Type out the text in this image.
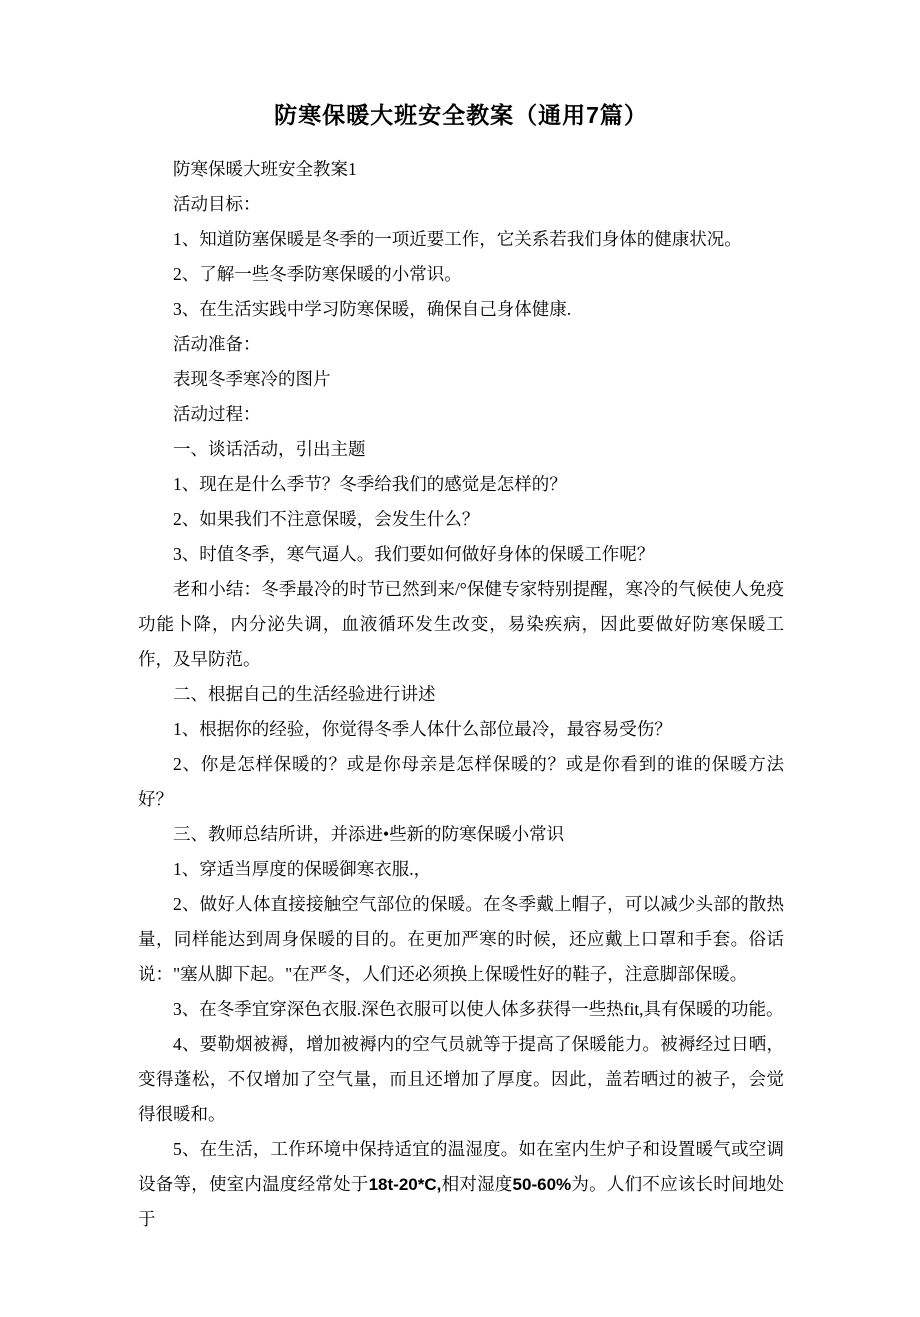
防寒保暖大班安全教案（通用7篇）

防寒保暖大班安全教案1

活动目标：

1、知道防塞保暖是冬季的一项近要工作，它关系若我们身体的健康状况。

2、了解一些冬季防寒保暖的小常识。

3、在生活实践中学习防寒保暖，确保自己身体健康.

活动准备：

表现冬季寒冷的图片

活动过程：

一、谈话活动，引出主题

1、现在是什么季节？冬季给我们的感觉是怎样的？

2、如果我们不注意保暖，会发生什么？

3、时值冬季，寒气逼人。我们要如何做好身体的保暖工作呢？

老和小结：冬季最冷的时节已然到来/°保健专家特别提醒，寒冷的气候使人免疫功能卜降，内分泌失调，血液循环发生改变，易染疾病，因此要做好防寒保暖工作，及早防范。

二、根据自己的生活经验进行讲述

1、根据你的经验，你觉得冬季人体什么部位最冷，最容易受伤？

2、你是怎样保暖的？或是你母亲是怎样保暖的？或是你看到的谁的保暖方法好？

三、教师总结所讲，并添进•些新的防寒保暖小常识

1、穿适当厚度的保暖御寒衣服.，

2、做好人体直接接触空气部位的保暖。在冬季戴上帽子，可以减少头部的散热量，同样能达到周身保暖的目的。在更加严寒的时候，还应戴上口罩和手套。俗话说："塞从脚下起。"在严冬，人们还必须换上保暖性好的鞋子，注意脚部保暖。

3、在冬季宜穿深色衣服.深色衣服可以使人体多获得一些热fit,具有保暖的功能。

4、要勒烟被褥，增加被褥内的空气员就等于提高了保暖能力。被褥经过日晒，变得蓬松，不仅增加了空气量，而且还增加了厚度。因此，盖若晒过的被子，会觉得很暖和。

5、在生活，工作环境中保持适宜的温湿度。如在室内生炉子和设置暖气或空调设备等，使室内温度经常处于18t-20*C,相对湿度50-60%为。人们不应该长时间地处于
